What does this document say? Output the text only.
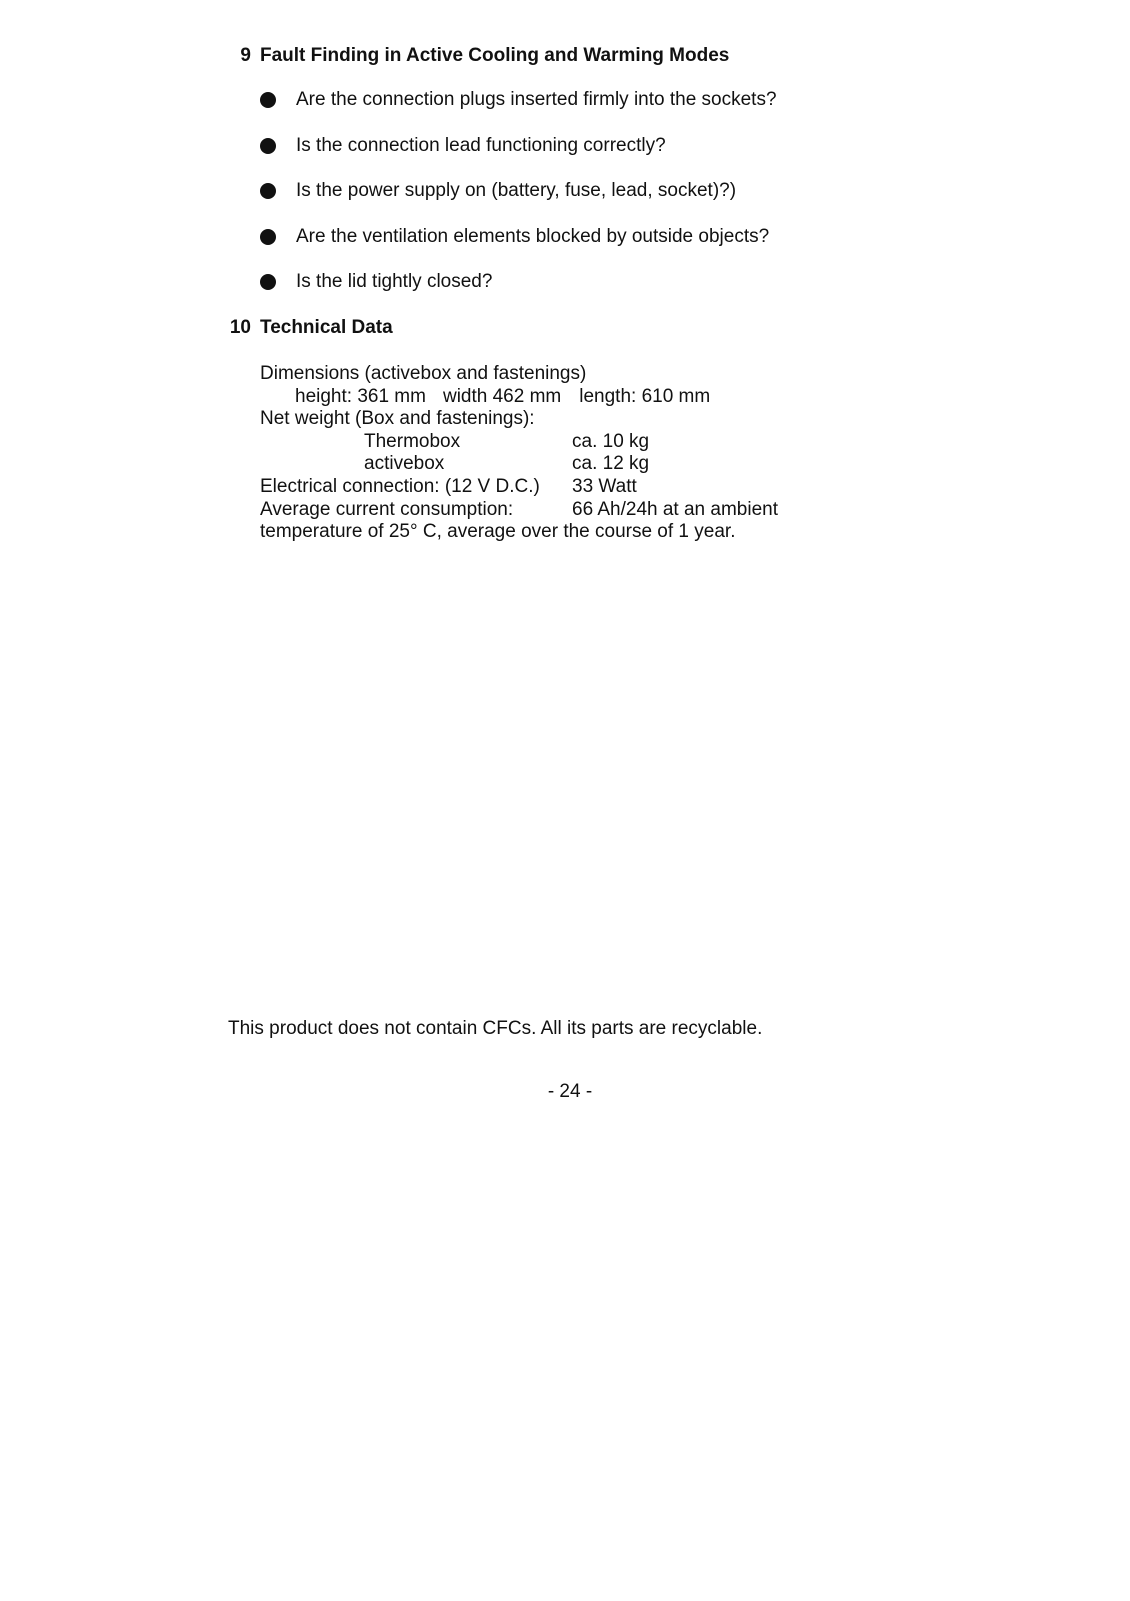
9 Fault Finding in Active Cooling and Warming Modes
Are the connection plugs inserted firmly into the sockets?
Is the connection lead functioning correctly?
Is the power supply on (battery, fuse, lead, socket)?)
Are the ventilation elements blocked by outside objects?
Is the lid tightly closed?
10 Technical Data
Dimensions (activebox and fastenings)
height: 361 mm width 462 mm length: 610 mm
Net weight (Box and fastenings):
Thermobox	ca. 10 kg
activebox	ca. 12 kg
Electrical connection: (12 V D.C.) 33 Watt
Average current consumption:	66 Ah/24h at an ambient
temperature of 25° C, average over the course of 1 year.
This product does not contain CFCs. All its parts are recyclable.
- 24 -
